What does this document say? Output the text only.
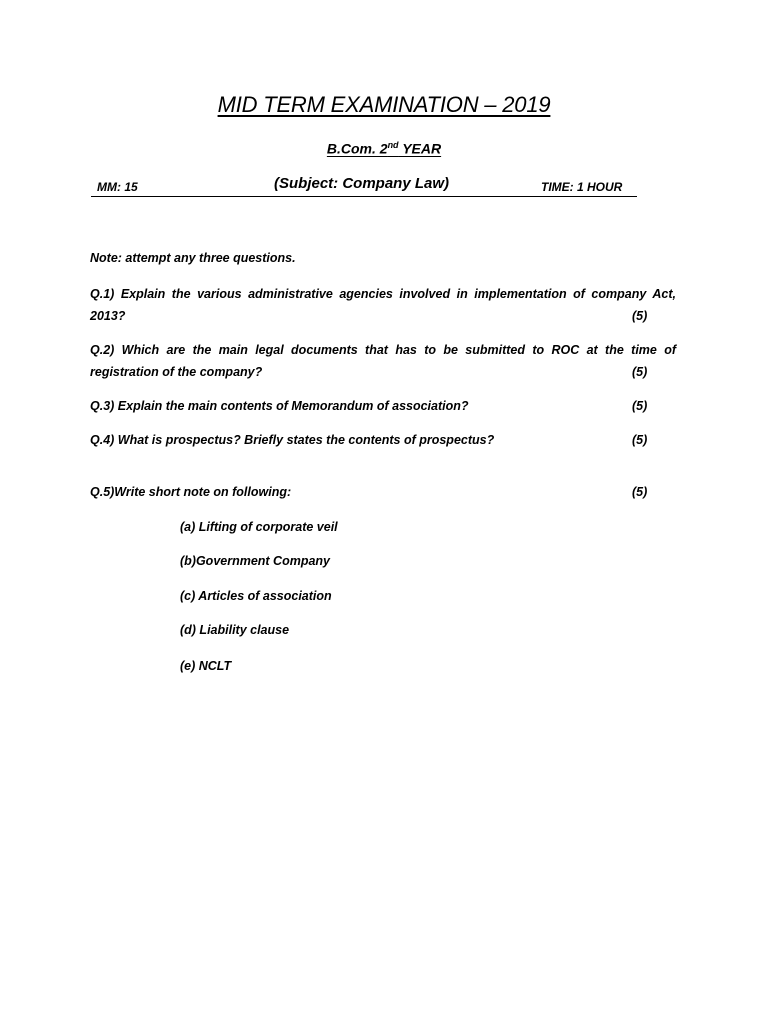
MID TERM EXAMINATION – 2019
B.Com. 2nd YEAR
MM: 15	(Subject: Company Law)	TIME: 1 HOUR
Note: attempt any three questions.
Q.1) Explain the various administrative agencies involved in implementation of company Act,
2013?	(5)
Q.2) Which are the main legal documents that has to be submitted to ROC at the time of
registration of the company?	(5)
Q.3) Explain the main contents of Memorandum of association?	(5)
Q.4) What is prospectus? Briefly states the contents of prospectus?	(5)
Q.5)Write short note on following:	(5)
(a) Lifting of corporate veil
(b)Government Company
(c) Articles of association
(d) Liability clause
(e) NCLT
